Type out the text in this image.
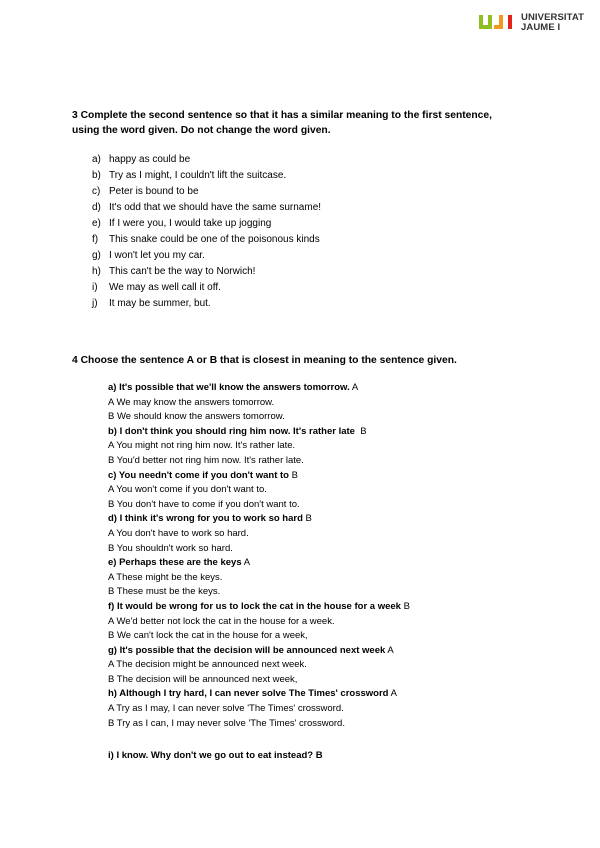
UNIVERSITAT
JAUME I
3 Complete the second sentence so that it has a similar meaning to the first sentence,
using the word given. Do not change the word given.
a) happy as could be
b) Try as I might, I couldn't lift the suitcase.
c) Peter is bound to be
d) It's odd that we should have the same surname!
e) If I were you, I would take up jogging
f)	This snake could be one of the poisonous kinds
g) I won't let you my car.
h) This can't be the way to Norwich!
i)	We may as well call it off.
j)	It may be summer, but.
4 Choose the sentence A or B that is closest in meaning to the sentence given.
a) It's possible that we'll know the answers tomorrow. A
A We may know the answers tomorrow.
B We should know the answers tomorrow.
b) I don't think you should ring him now. It's rather late  B
A You might not ring him now. It's rather late.
B You'd better not ring him now. It's rather late.
c) You needn't come if you don't want to B
A You won't come if you don't want to.
B You don't have to come if you don't want to.
d) I think it's wrong for you to work so hard B
A You don't have to work so hard.
B You shouldn't work so hard.
e) Perhaps these are the keys A
A These might be the keys.
B These must be the keys.
f) It would be wrong for us to lock the cat in the house for a week B
A We'd better not lock the cat in the house for a week.
B We can't lock the cat in the house for a week,
g) It's possible that the decision will be announced next week A
A The decision might be announced next week.
B The decision will be announced next week,
h) Although I try hard, I can never solve The Times' crossword A
A Try as I may, I can never solve 'The Times' crossword.
B Try as I can, I may never solve 'The Times' crossword.
i) I know. Why don't we go out to eat instead? B
